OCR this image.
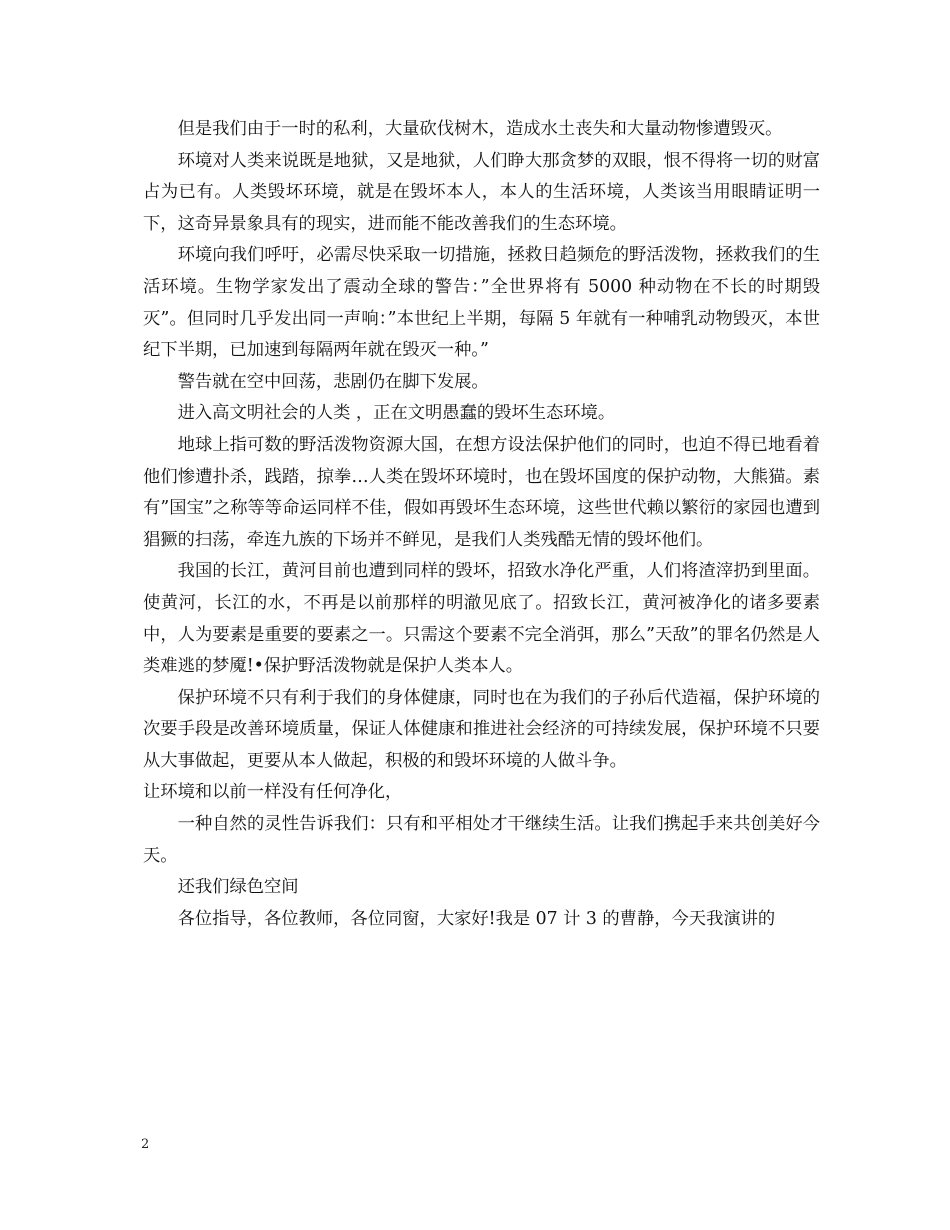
但是我们由于一时的私利，大量砍伐树木，造成水土丧失和大量动物惨遭毁灭。

环境对人类来说既是地狱，又是地狱，人们睁大那贪梦的双眼，恨不得将一切的财富占为已有。人类毁坏环境，就是在毁坏本人，本人的生活环境，人类该当用眼睛证明一下，这奇异景象具有的现实，进而能不能改善我们的生态环境。

环境向我们呼吁，必需尽快采取一切措施，拯救日趋频危的野活泼物，拯救我们的生活环境。生物学家发出了震动全球的警告：”全世界将有 5000 种动物在不长的时期毁灭”。但同时几乎发出同一声响：”本世纪上半期，每隔 5 年就有一种哺乳动物毁灭，本世纪下半期，已加速到每隔两年就在毁灭一种。”

警告就在空中回荡，悲剧仍在脚下发展。

进入高文明社会的人类 ，正在文明愚蠢的毁坏生态环境。

地球上指可数的野活泼物资源大国，在想方设法保护他们的同时，也迫不得已地看着他们惨遭扑杀，践踏，掠拳…人类在毁坏环境时，也在毁坏国度的保护动物，大熊猫。素有”国宝”之称等等命运同样不佳，假如再毁坏生态环境，这些世代赖以繁衍的家园也遭到猖獗的扫荡，牵连九族的下场并不鲜见，是我们人类残酷无情的毁坏他们。

我国的长江，黄河目前也遭到同样的毁坏，招致水净化严重，人们将渣滓扔到里面。使黄河，长江的水，不再是以前那样的明澈见底了。招致长江，黄河被净化的诸多要素中，人为要素是重要的要素之一。只需这个要素不完全消弭，那么”天敌”的罪名仍然是人类难逃的梦魇!•保护野活泼物就是保护人类本人。

保护环境不只有利于我们的身体健康，同时也在为我们的子孙后代造福，保护环境的次要手段是改善环境质量，保证人体健康和推进社会经济的可持续发展，保护环境不只要从大事做起，更要从本人做起，积极的和毁坏环境的人做斗争。

让环境和以前一样没有任何净化，

一种自然的灵性告诉我们：只有和平相处才干继续生活。让我们携起手来共创美好今天。

还我们绿色空间

各位指导，各位教师，各位同窗，大家好!我是 07 计 3 的曹静，今天我演讲的

2
